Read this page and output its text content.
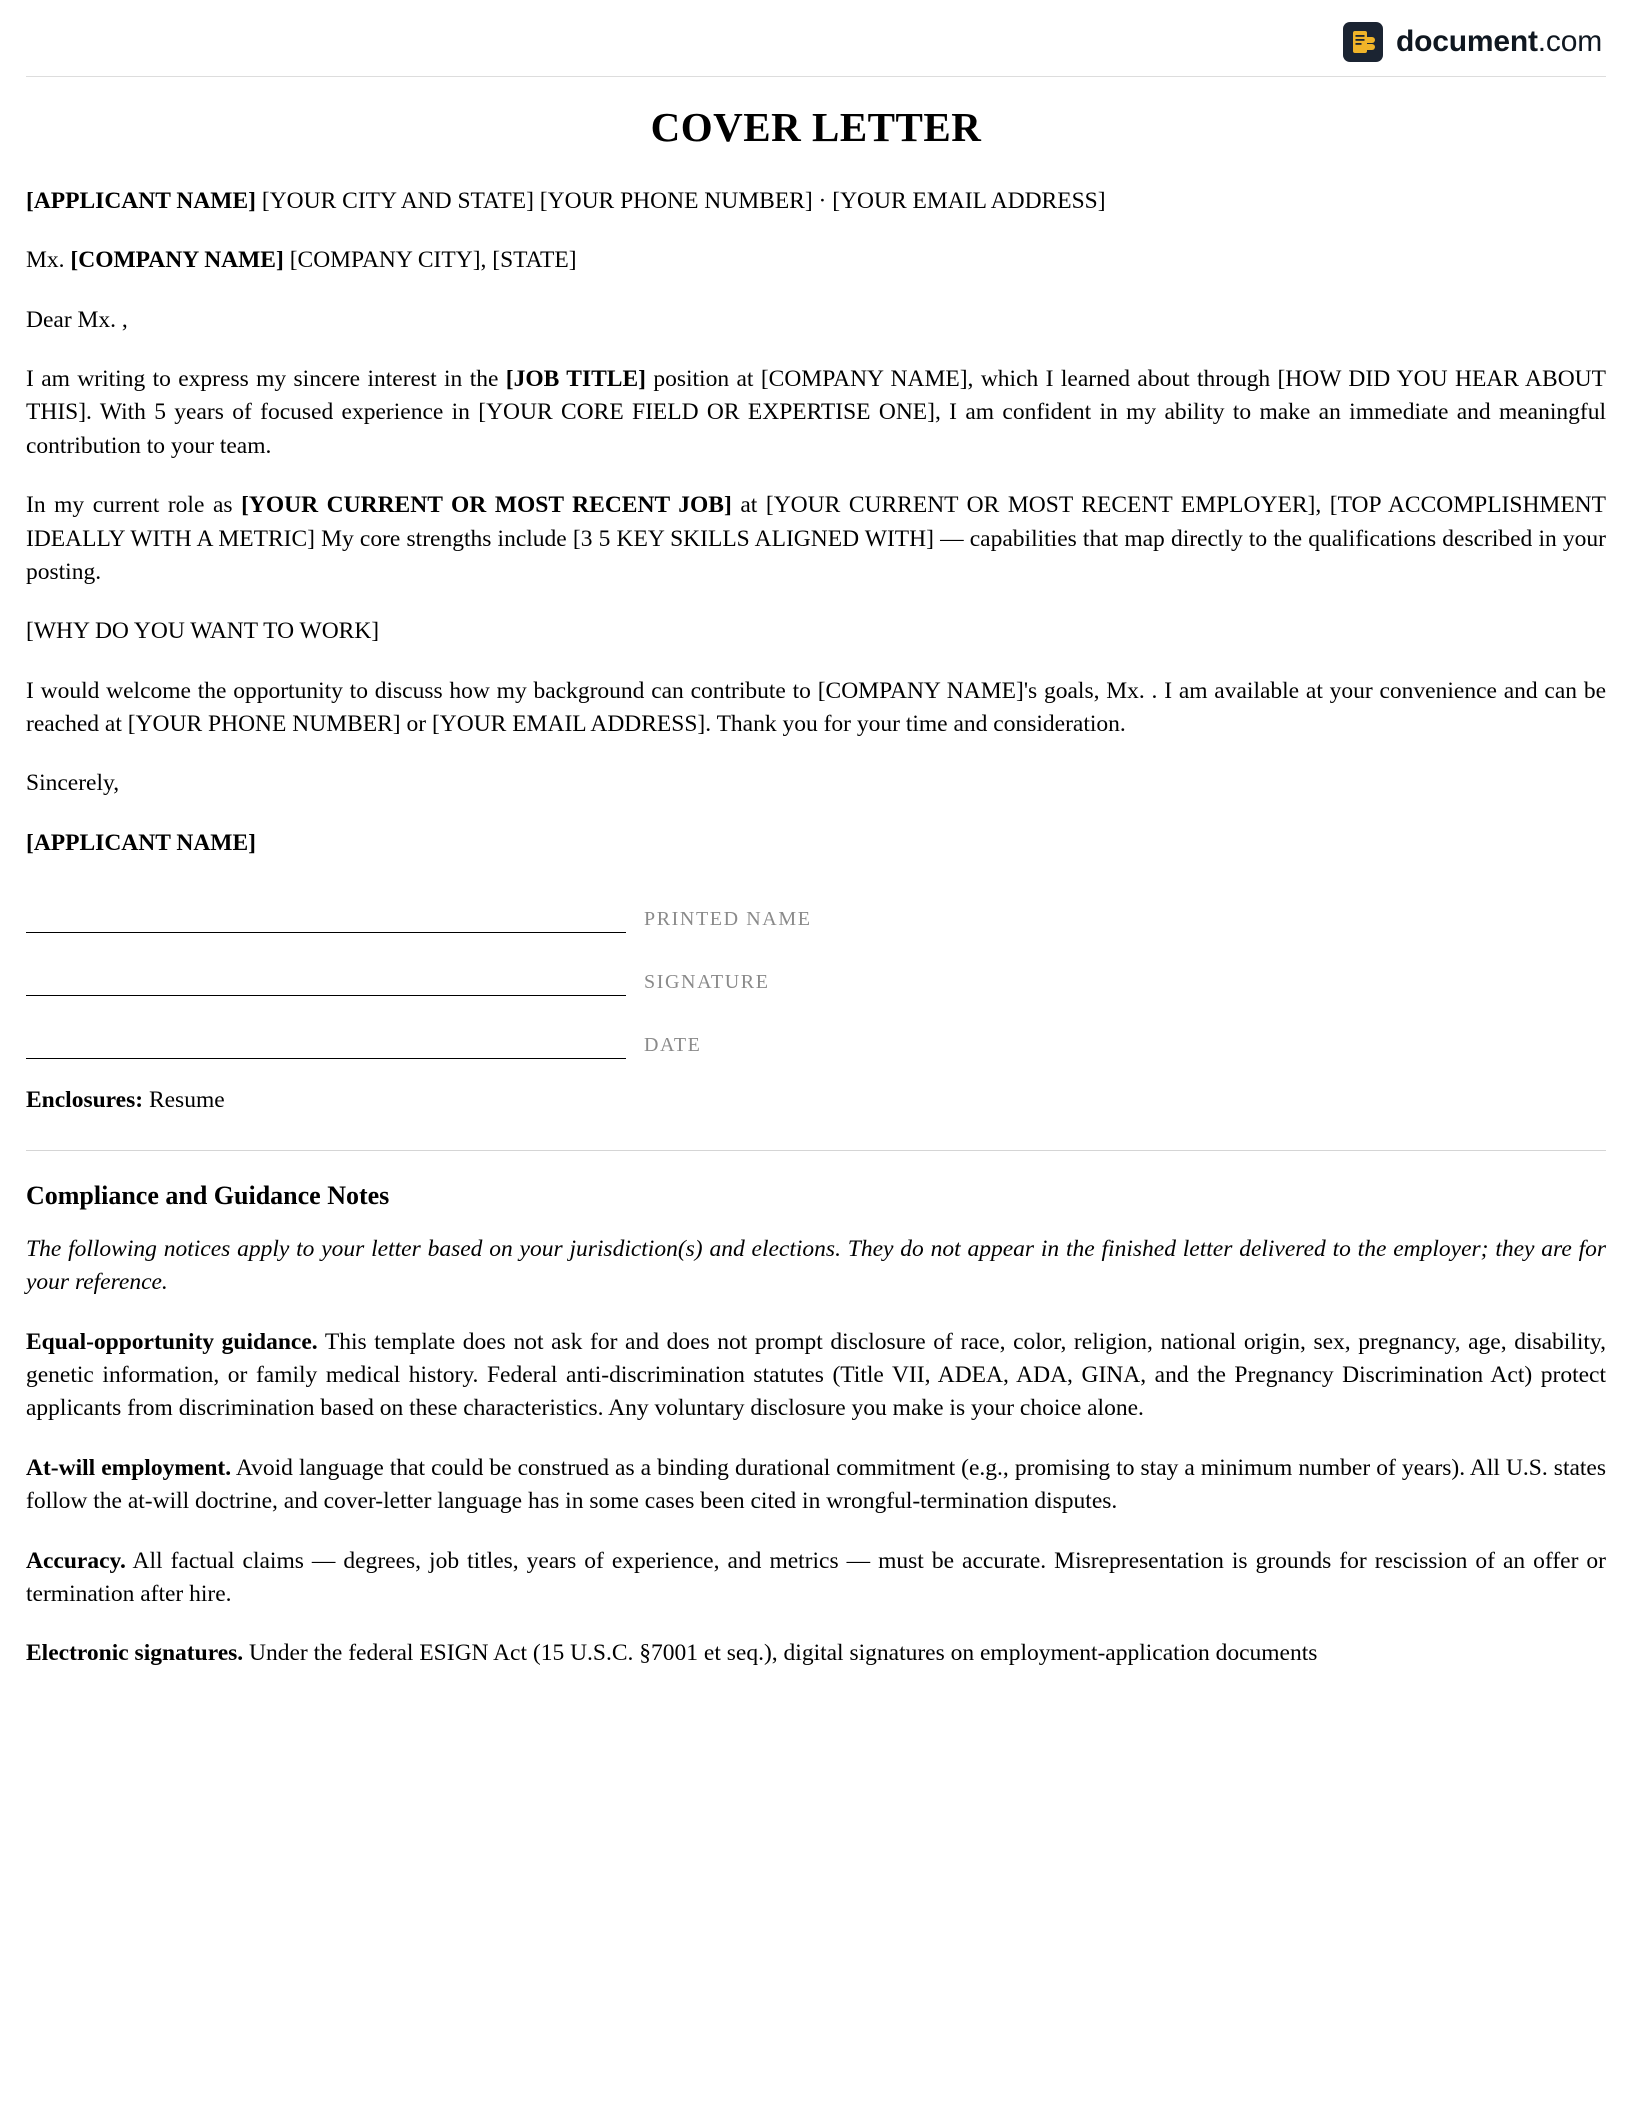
document.com
COVER LETTER

[APPLICANT NAME] [YOUR CITY AND STATE] [YOUR PHONE NUMBER] · [YOUR EMAIL ADDRESS]

Mx. [COMPANY NAME] [COMPANY CITY], [STATE]

Dear Mx. ,

I am writing to express my sincere interest in the [JOB TITLE] position at [COMPANY NAME], which I learned about through [HOW DID YOU HEAR ABOUT THIS]. With 5 years of focused experience in [YOUR CORE FIELD OR EXPERTISE ONE], I am confident in my ability to make an immediate and meaningful contribution to your team.

In my current role as [YOUR CURRENT OR MOST RECENT JOB] at [YOUR CURRENT OR MOST RECENT EMPLOYER], [TOP ACCOMPLISHMENT IDEALLY WITH A METRIC] My core strengths include [3 5 KEY SKILLS ALIGNED WITH] — capabilities that map directly to the qualifications described in your posting.

[WHY DO YOU WANT TO WORK]

I would welcome the opportunity to discuss how my background can contribute to [COMPANY NAME]'s goals, Mx. . I am available at your convenience and can be reached at [YOUR PHONE NUMBER] or [YOUR EMAIL ADDRESS]. Thank you for your time and consideration.

Sincerely,

[APPLICANT NAME]

PRINTED NAME
SIGNATURE
DATE

Enclosures: Resume

Compliance and Guidance Notes

The following notices apply to your letter based on your jurisdiction(s) and elections. They do not appear in the finished letter delivered to the employer; they are for your reference.

Equal-opportunity guidance. This template does not ask for and does not prompt disclosure of race, color, religion, national origin, sex, pregnancy, age, disability, genetic information, or family medical history. Federal anti-discrimination statutes (Title VII, ADEA, ADA, GINA, and the Pregnancy Discrimination Act) protect applicants from discrimination based on these characteristics. Any voluntary disclosure you make is your choice alone.

At-will employment. Avoid language that could be construed as a binding durational commitment (e.g., promising to stay a minimum number of years). All U.S. states follow the at-will doctrine, and cover-letter language has in some cases been cited in wrongful-termination disputes.

Accuracy. All factual claims — degrees, job titles, years of experience, and metrics — must be accurate. Misrepresentation is grounds for rescission of an offer or termination after hire.

Electronic signatures. Under the federal ESIGN Act (15 U.S.C. §7001 et seq.), digital signatures on employment-application documents
